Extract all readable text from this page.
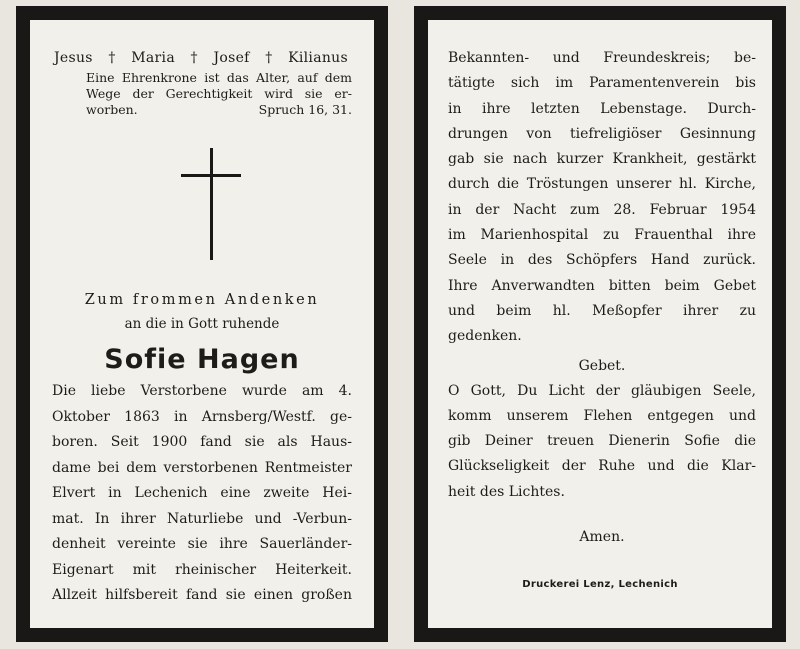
Jesus † Maria † Josef † Kilianus
Eine Ehrenkrone ist das Alter, auf dem
Wege der Gerechtigkeit wird sie er-
worben.	Spruch 16, 31.
Zum frommen Andenken
an die in Gott ruhende
Sofie Hagen
Die liebe Verstorbene wurde am 4.
Oktober 1863 in Arnsberg/Westf. ge-
boren. Seit 1900 fand sie als Haus-
dame bei dem verstorbenen Rentmeister
Elvert in Lechenich eine zweite Hei-
mat. In ihrer Naturliebe und -Verbun-
denheit vereinte sie ihre Sauerländer-
Eigenart mit rheinischer Heiterkeit.
Allzeit hilfsbereit fand sie einen großen
Bekannten- und Freundeskreis; be-
tätigte sich im Paramentenverein bis
in ihre letzten Lebenstage. Durch-
drungen von tiefreligiöser Gesinnung
gab sie nach kurzer Krankheit, gestärkt
durch die Tröstungen unserer hl. Kirche,
in der Nacht zum 28. Februar 1954
im Marienhospital zu Frauenthal ihre
Seele in des Schöpfers Hand zurück.
Ihre Anverwandten bitten beim Gebet
und beim hl. Meßopfer ihrer zu
gedenken.
Gebet.
O Gott, Du Licht der gläubigen Seele,
komm unserem Flehen entgegen und
gib Deiner treuen Dienerin Sofie die
Glückseligkeit der Ruhe und die Klar-
heit des Lichtes.
Amen.
Druckerei Lenz, Lechenich
